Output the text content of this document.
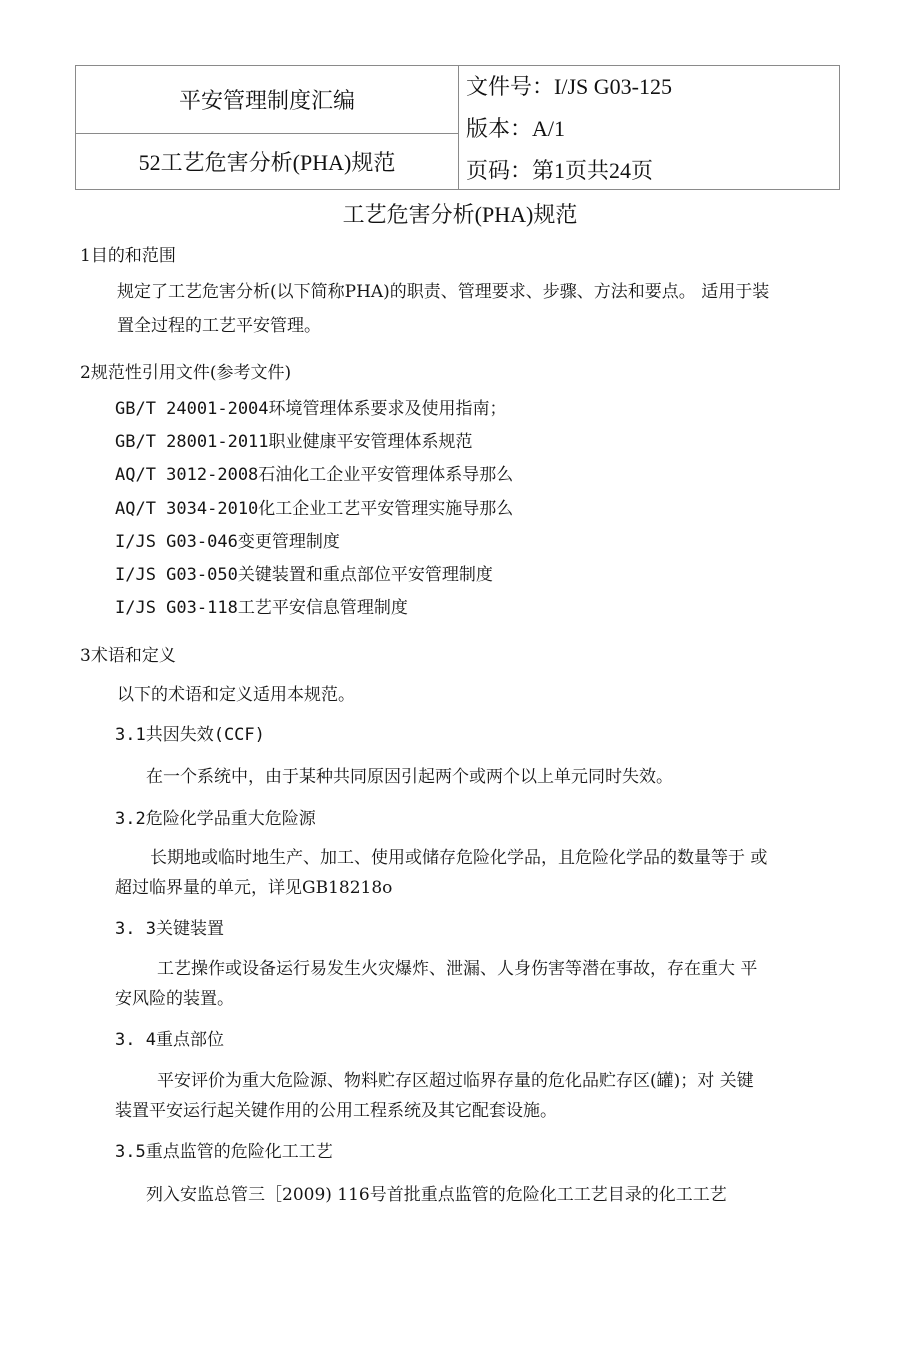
平安管理制度汇编
52工艺危害分析(PHA)规范
文件号：I/JS G03-125
版本：A/1
页码：第1页共24页
工艺危害分析(PHA)规范
1目的和范围
规定了工艺危害分析(以下简称PHA)的职责、管理要求、步骤、方法和要点。 适用于装
置全过程的工艺平安管理。
2规范性引用文件(参考文件)
GB/T 24001-2004环境管理体系要求及使用指南；
GB/T 28001-2011职业健康平安管理体系规范
AQ/T 3012-2008石油化工企业平安管理体系导那么
AQ/T 3034-2010化工企业工艺平安管理实施导那么
I/JS G03-046变更管理制度
I/JS G03-050关键装置和重点部位平安管理制度
I/JS G03-118工艺平安信息管理制度
3术语和定义
以下的术语和定义适用本规范。
3.1共因失效(CCF)
在一个系统中，由于某种共同原因引起两个或两个以上单元同时失效。
3.2危险化学品重大危险源
长期地或临时地生产、加工、使用或储存危险化学品，且危险化学品的数量等于 或
超过临界量的单元，详见GB18218o
3. 3关键装置
工艺操作或设备运行易发生火灾爆炸、泄漏、人身伤害等潜在事故，存在重大 平
安风险的装置。
3. 4重点部位
平安评价为重大危险源、物料贮存区超过临界存量的危化品贮存区(罐)；对 关键
装置平安运行起关键作用的公用工程系统及其它配套设施。
3.5重点监管的危险化工工艺
列入安监总管三［2009) 116号首批重点监管的危险化工工艺目录的化工工艺
